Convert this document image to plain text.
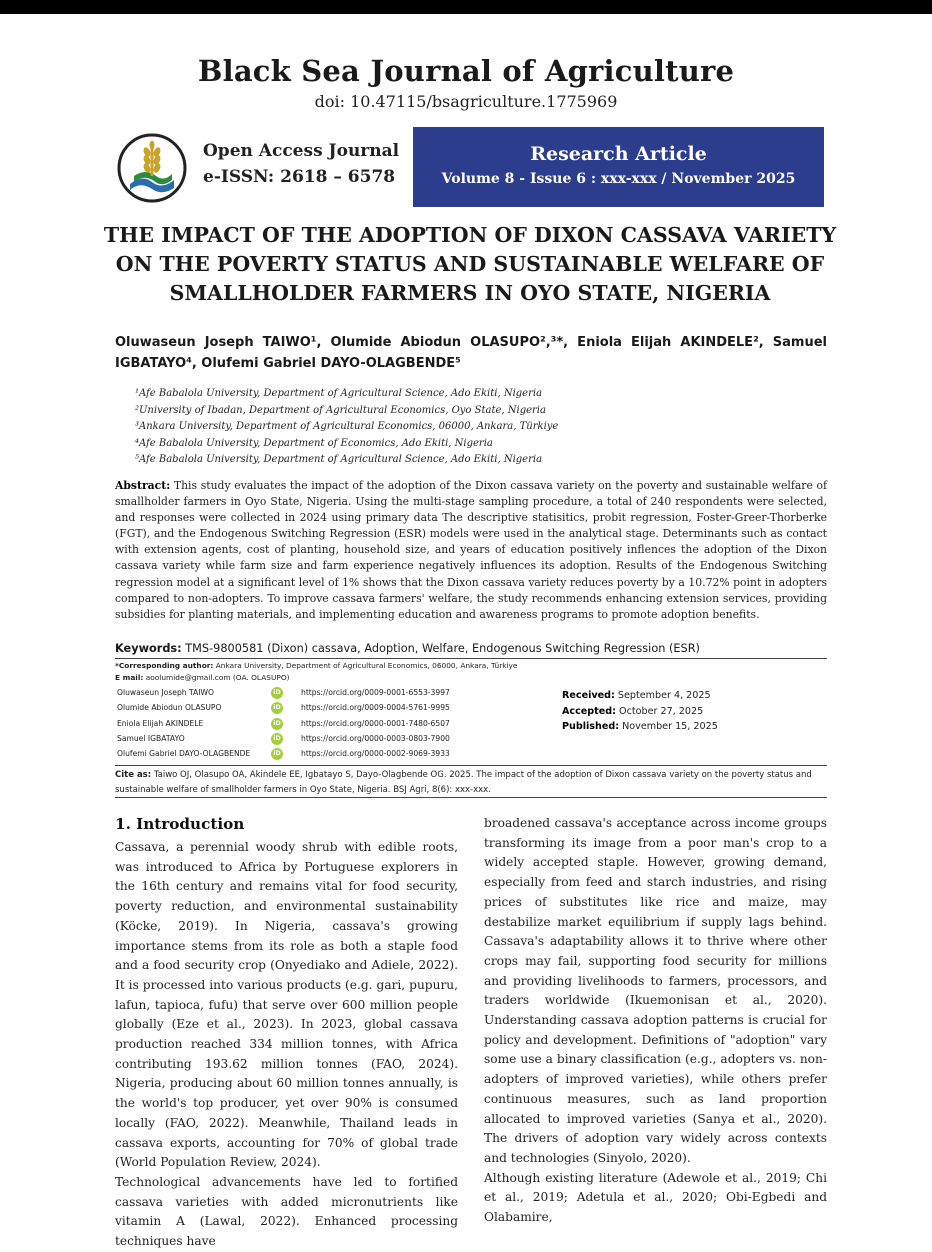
Black Sea Journal of Agriculture
doi: 10.47115/bsagriculture.1775969
Open Access Journal
e-ISSN: 2618 – 6578
Research Article
Volume 8 - Issue 6 : xxx-xxx / November 2025
THE IMPACT OF THE ADOPTION OF DIXON CASSAVA VARIETY ON THE POVERTY STATUS AND SUSTAINABLE WELFARE OF SMALLHOLDER FARMERS IN OYO STATE, NIGERIA
Oluwaseun Joseph TAIWO¹, Olumide Abiodun OLASUPO²,³*, Eniola Elijah AKINDELE², Samuel
IGBATAYO⁴, Olufemi Gabriel DAYO-OLAGBENDE⁵
¹Afe Babalola University, Department of Agricultural Science, Ado Ekiti, Nigeria
²University of Ibadan, Department of Agricultural Economics, Oyo State, Nigeria
³Ankara University, Department of Agricultural Economics, 06000, Ankara, Türkiye
⁴Afe Babalola University, Department of Economics, Ado Ekiti, Nigeria
⁵Afe Babalola University, Department of Agricultural Science, Ado Ekiti, Nigeria
Abstract: This study evaluates the impact of the adoption of the Dixon cassava variety on the poverty and sustainable welfare of smallholder farmers in Oyo State, Nigeria. Using the multi-stage sampling procedure, a total of 240 respondents were selected, and responses were collected in 2024 using primary data The descriptive statisitics, probit regression, Foster-Greer-Thorberke (FGT), and the Endogenous Switching Regression (ESR) models were used in the analytical stage. Determinants such as contact with extension agents, cost of planting, household size, and years of education positively inflences the adoption of the Dixon cassava variety while farm size and farm experience negatively influences its adoption. Results of the Endogenous Switching regression model at a significant level of 1% shows that the Dixon cassava variety reduces poverty by a 10.72% point in adopters compared to non-adopters. To improve cassava farmers' welfare, the study recommends enhancing extension services, providing subsidies for planting materials, and implementing education and awareness programs to promote adoption benefits.
Keywords: TMS-9800581 (Dixon) cassava, Adoption, Welfare, Endogenous Switching Regression (ESR)
*Corresponding author: Ankara University, Department of Agricultural Economics, 06000, Ankara, Türkiye
E mail: aoolumide@gmail.com (OA. OLASUPO)
Oluwaseun Joseph TAIWO	iD	https://orcid.org/0009-0001-6553-3997
Olumide Abiodun OLASUPO	iD	https://orcid.org/0009-0004-5761-9995
Eniola Elijah AKINDELE	iD	https://orcid.org/0000-0001-7480-6507
Samuel IGBATAYO	iD	https://orcid.org/0000-0003-0803-7900
Olufemi Gabriel DAYO-OLAGBENDE	iD	https://orcid.org/0000-0002-9069-3933
Received: September 4, 2025
Accepted: October 27, 2025
Published: November 15, 2025
Cite as: Taiwo OJ, Olasupo OA, Akindele EE, Igbatayo S, Dayo-Olagbende OG. 2025. The impact of the adoption of Dixon cassava variety on the poverty status and sustainable welfare of smallholder farmers in Oyo State, Nigeria. BSJ Agri, 8(6): xxx-xxx.
1. Introduction

Cassava, a perennial woody shrub with edible roots, was introduced to Africa by Portuguese explorers in the 16th century and remains vital for food security, poverty reduction, and environmental sustainability (Köcke, 2019). In Nigeria, cassava's growing importance stems from its role as both a staple food and a food security crop (Onyediako and Adiele, 2022). It is processed into various products (e.g. gari, pupuru, lafun, tapioca, fufu) that serve over 600 million people globally (Eze et al., 2023). In 2023, global cassava production reached 334 million tonnes, with Africa contributing 193.62 million tonnes (FAO, 2024). Nigeria, producing about 60 million tonnes annually, is the world's top producer, yet over 90% is consumed locally (FAO, 2022). Meanwhile, Thailand leads in cassava exports, accounting for 70% of global trade (World Population Review, 2024).

Technological advancements have led to fortified cassava varieties with added micronutrients like vitamin A (Lawal, 2022). Enhanced processing techniques have

broadened cassava's acceptance across income groups transforming its image from a poor man's crop to a widely accepted staple. However, growing demand, especially from feed and starch industries, and rising prices of substitutes like rice and maize, may destabilize market equilibrium if supply lags behind. Cassava's adaptability allows it to thrive where other crops may fail, supporting food security for millions and providing livelihoods to farmers, processors, and traders worldwide (Ikuemonisan et al., 2020). Understanding cassava adoption patterns is crucial for policy and development. Definitions of "adoption" vary some use a binary classification (e.g., adopters vs. non-adopters of improved varieties), while others prefer continuous measures, such as land proportion allocated to improved varieties (Sanya et al., 2020). The drivers of adoption vary widely across contexts and technologies (Sinyolo, 2020).

Although existing literature (Adewole et al., 2019; Chi et al., 2019; Adetula et al., 2020; Obi-Egbedi and Olabamire,
